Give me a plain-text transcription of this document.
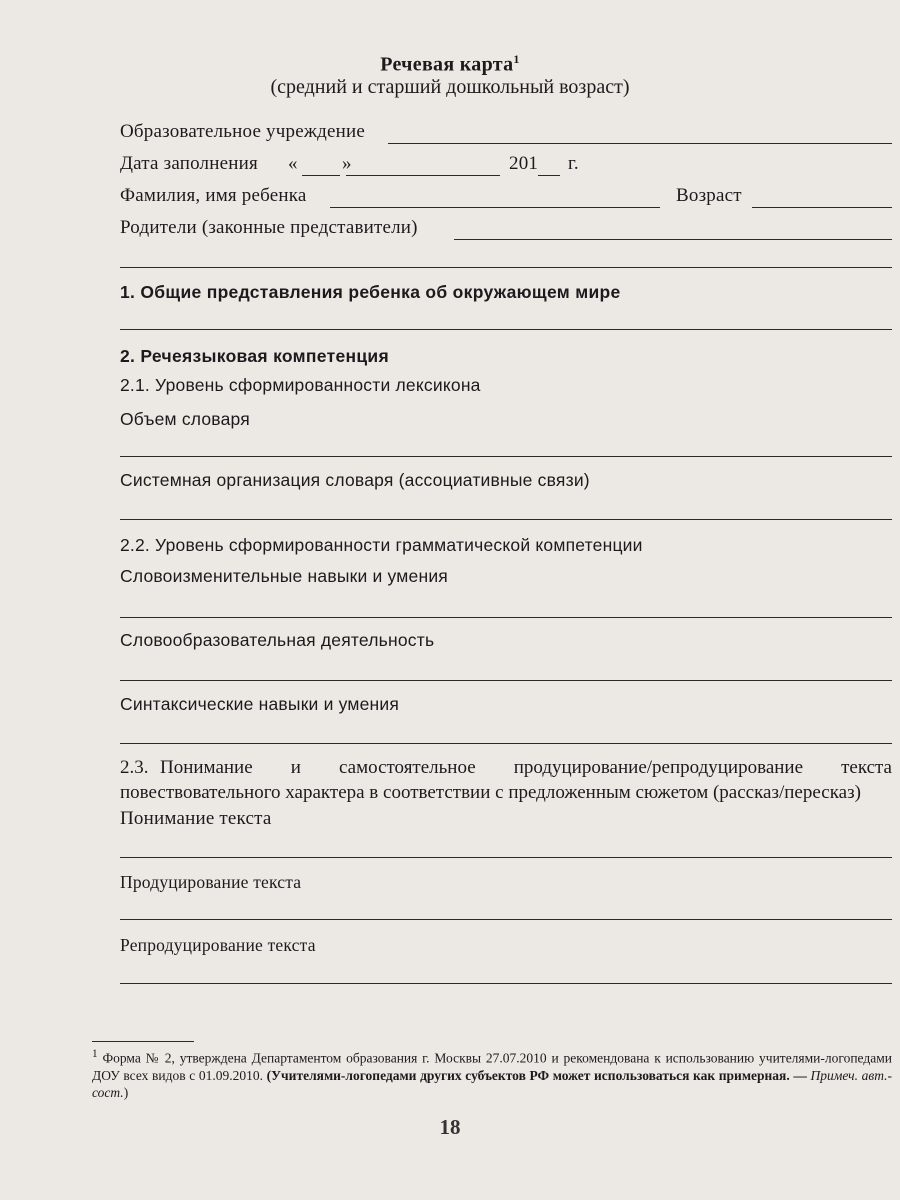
Речевая карта$^1$
(средний и старший дошкольный возраст)
Образовательное учреждение
Дата заполнения « »	201 г.
Фамилия, имя ребенка	Возраст
Родители (законные представители)
1. Общие представления ребенка об окружающем мире
2. Речеязыковая компетенция
2.1. Уровень сформированности лексикона
Объем словаря
Системная организация словаря (ассоциативные связи)
2.2. Уровень сформированности грамматической компетенции
Словоизменительные навыки и умения
Словообразовательная деятельность
Синтаксические навыки и умения
2.3. Понимание и самостоятельное продуцирование/репродуцирование текста повествовательного характера в соответствии с предложенным сюжетом (рассказ/пересказ)
Понимание текста
Продуцирование текста
Репродуцирование текста
$^1$ Форма № 2, утверждена Департаментом образования г. Москвы 27.07.2010 и рекомендована к использованию учителями-логопедами ДОУ всех видов с 01.09.2010. (Учителями-логопедами других субъектов РФ может использоваться как примерная. — Примеч. авт.-сост.)
18
